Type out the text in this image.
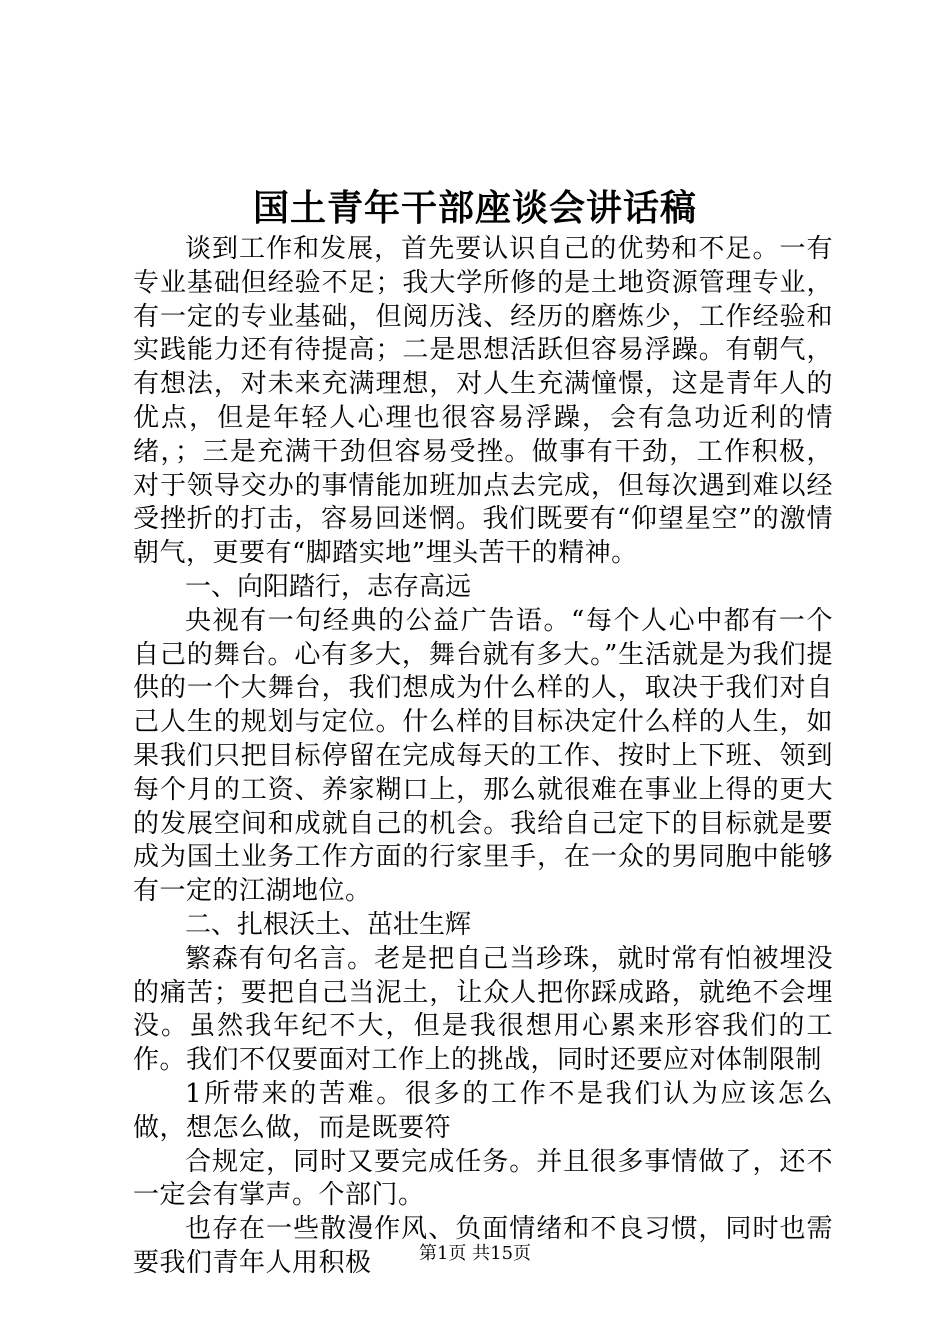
国土青年干部座谈会讲话稿

谈到工作和发展，首先要认识自己的优势和不足。一有专业基础但经验不足；我大学所修的是土地资源管理专业，有一定的专业基础，但阅历浅、经历的磨炼少，工作经验和实践能力还有待提高；二是思想活跃但容易浮躁。有朝气，有想法，对未来充满理想，对人生充满憧憬，这是青年人的优点，但是年轻人心理也很容易浮躁，会有急功近利的情绪，；三是充满干劲但容易受挫。做事有干劲，工作积极，对于领导交办的事情能加班加点去完成，但每次遇到难以经受挫折的打击，容易回迷惘。我们既要有“仰望星空”的激情朝气，更要有“脚踏实地”埋头苦干的精神。

一、向阳踏行，志存高远

央视有一句经典的公益广告语。“每个人心中都有一个自己的舞台。心有多大，舞台就有多大。”生活就是为我们提供的一个大舞台，我们想成为什么样的人，取决于我们对自己人生的规划与定位。什么样的目标决定什么样的人生，如果我们只把目标停留在完成每天的工作、按时上下班、领到每个月的工资、养家糊口上，那么就很难在事业上得的更大的发展空间和成就自己的机会。我给自己定下的目标就是要成为国土业务工作方面的行家里手，在一众的男同胞中能够有一定的江湖地位。

二、扎根沃土、茁壮生辉

繁森有句名言。老是把自己当珍珠，就时常有怕被埋没的痛苦；要把自己当泥土，让众人把你踩成路，就绝不会埋没。虽然我年纪不大，但是我很想用心累来形容我们的工作。我们不仅要面对工作上的挑战，同时还要应对体制限制

1所带来的苦难。很多的工作不是我们认为应该怎么做，想怎么做，而是既要符

合规定，同时又要完成任务。并且很多事情做了，还不一定会有掌声。个部门。

也存在一些散漫作风、负面情绪和不良习惯，同时也需要我们青年人用积极	第1页 共15页
